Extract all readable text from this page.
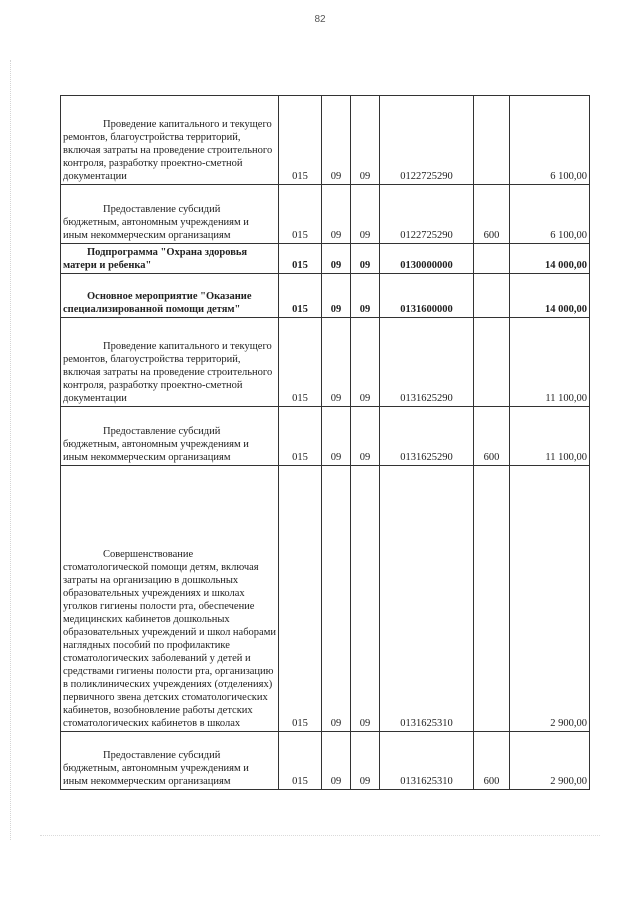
82
Проведение капитального и текущего ремонтов, благоустройства территорий, включая затраты на проведение строительного контроля, разработку проектно-сметной документации	015	09	09	0122725290		6 100,00
Предоставление субсидий бюджетным, автономным учреждениям и иным некоммерческим организациям	015	09	09	0122725290	600	6 100,00
Подпрограмма "Охрана здоровья матери и ребенка"	015	09	09	0130000000		14 000,00
Основное мероприятие "Оказание специализированной помощи детям"	015	09	09	0131600000		14 000,00
Проведение капитального и текущего ремонтов, благоустройства территорий, включая затраты на проведение строительного контроля, разработку проектно-сметной документации	015	09	09	0131625290		11 100,00
Предоставление субсидий бюджетным, автономным учреждениям и иным некоммерческим организациям	015	09	09	0131625290	600	11 100,00
Совершенствование стоматологической помощи детям, включая затраты на организацию в дошкольных образовательных учреждениях и школах уголков гигиены полости рта, обеспечение медицинских кабинетов дошкольных образовательных учреждений и школ наборами наглядных пособий по профилактике стоматологических заболеваний у детей и средствами гигиены полости рта, организацию в поликлинических учреждениях (отделениях) первичного звена детских стоматологических кабинетов, возобновление работы детских стоматологических кабинетов в школах	015	09	09	0131625310		2 900,00
Предоставление субсидий бюджетным, автономным учреждениям и иным некоммерческим организациям	015	09	09	0131625310	600	2 900,00
